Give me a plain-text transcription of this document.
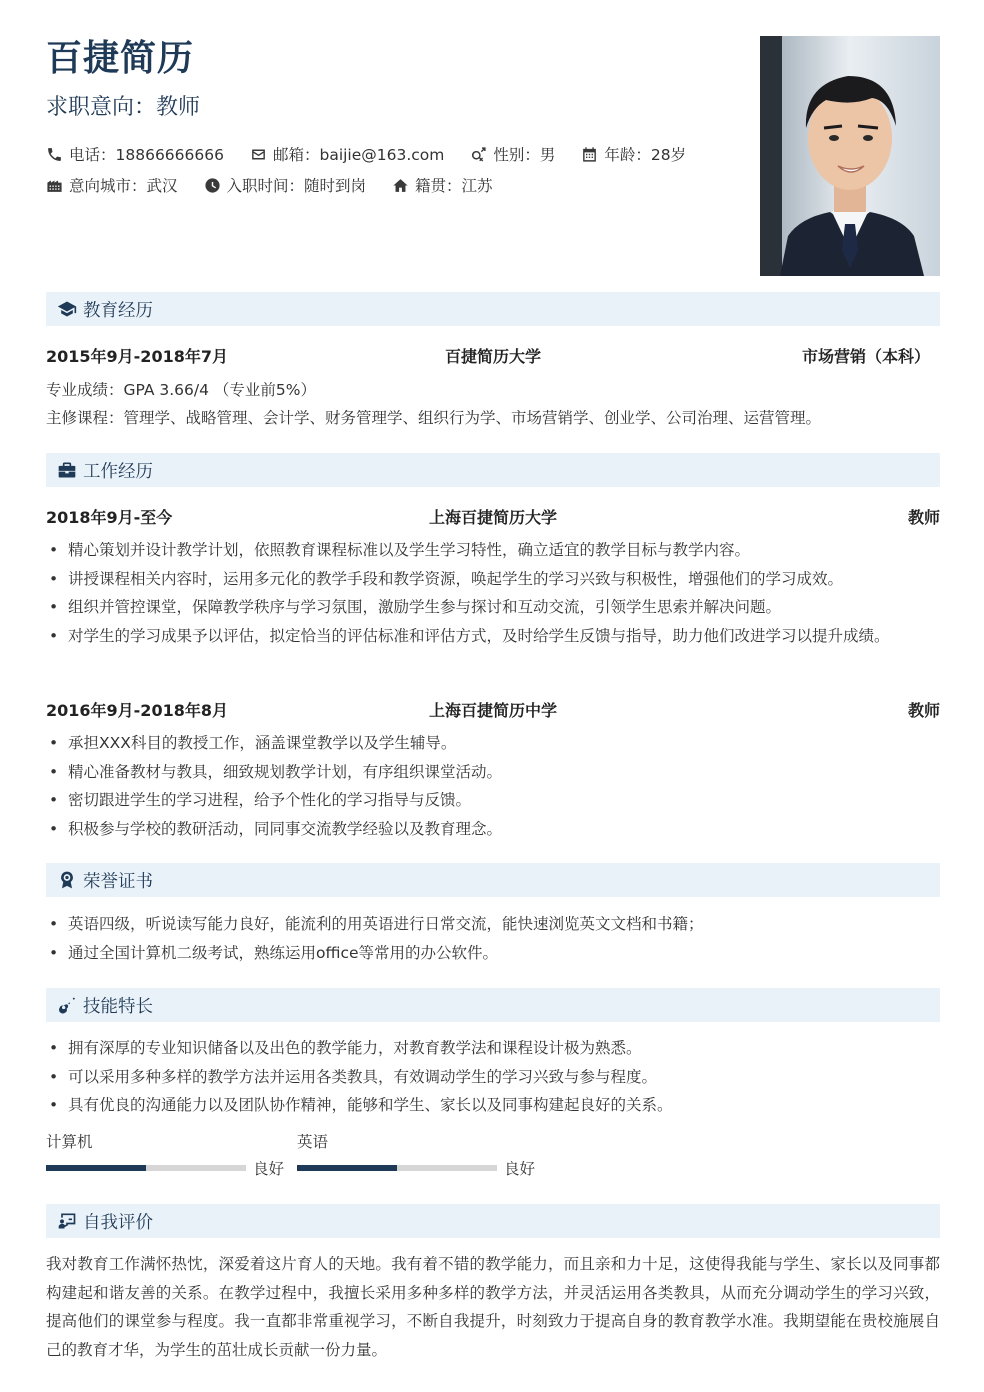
百捷简历
求职意向：教师
电话：18866666666	邮箱：baijie@163.com	性别：男	年龄：28岁
意向城市：武汉	入职时间：随时到岗	籍贯：江苏
教育经历
2015年9月-2018年7月	百捷简历大学	市场营销（本科）
专业成绩：GPA 3.66/4 （专业前5%）
主修课程：管理学、战略管理、会计学、财务管理学、组织行为学、市场营销学、创业学、公司治理、运营管理。
工作经历
2018年9月-至今	上海百捷简历大学	教师
• 精心策划并设计教学计划，依照教育课程标准以及学生学习特性，确立适宜的教学目标与教学内容。
• 讲授课程相关内容时，运用多元化的教学手段和教学资源，唤起学生的学习兴致与积极性，增强他们的学习成效。
• 组织并管控课堂，保障教学秩序与学习氛围，激励学生参与探讨和互动交流，引领学生思索并解决问题。
• 对学生的学习成果予以评估，拟定恰当的评估标准和评估方式，及时给学生反馈与指导，助力他们改进学习以提升成绩。
2016年9月-2018年8月	上海百捷简历中学	教师
• 承担XXX科目的教授工作，涵盖课堂教学以及学生辅导。
• 精心准备教材与教具，细致规划教学计划，有序组织课堂活动。
• 密切跟进学生的学习进程，给予个性化的学习指导与反馈。
• 积极参与学校的教研活动，同同事交流教学经验以及教育理念。
荣誉证书
• 英语四级，听说读写能力良好，能流利的用英语进行日常交流，能快速浏览英文文档和书籍；
• 通过全国计算机二级考试，熟练运用office等常用的办公软件。
技能特长
• 拥有深厚的专业知识储备以及出色的教学能力，对教育教学法和课程设计极为熟悉。
• 可以采用多种多样的教学方法并运用各类教具，有效调动学生的学习兴致与参与程度。
• 具有优良的沟通能力以及团队协作精神，能够和学生、家长以及同事构建起良好的关系。
计算机
良好
英语
良好
自我评价
我对教育工作满怀热忱，深爱着这片育人的天地。我有着不错的教学能力，而且亲和力十足，这使得我能与学生、家长以及同事都构建起和谐友善的关系。在教学过程中，我擅长采用多种多样的教学方法，并灵活运用各类教具，从而充分调动学生的学习兴致，提高他们的课堂参与程度。我一直都非常重视学习，不断自我提升，时刻致力于提高自身的教育教学水准。我期望能在贵校施展自己的教育才华，为学生的茁壮成长贡献一份力量。
